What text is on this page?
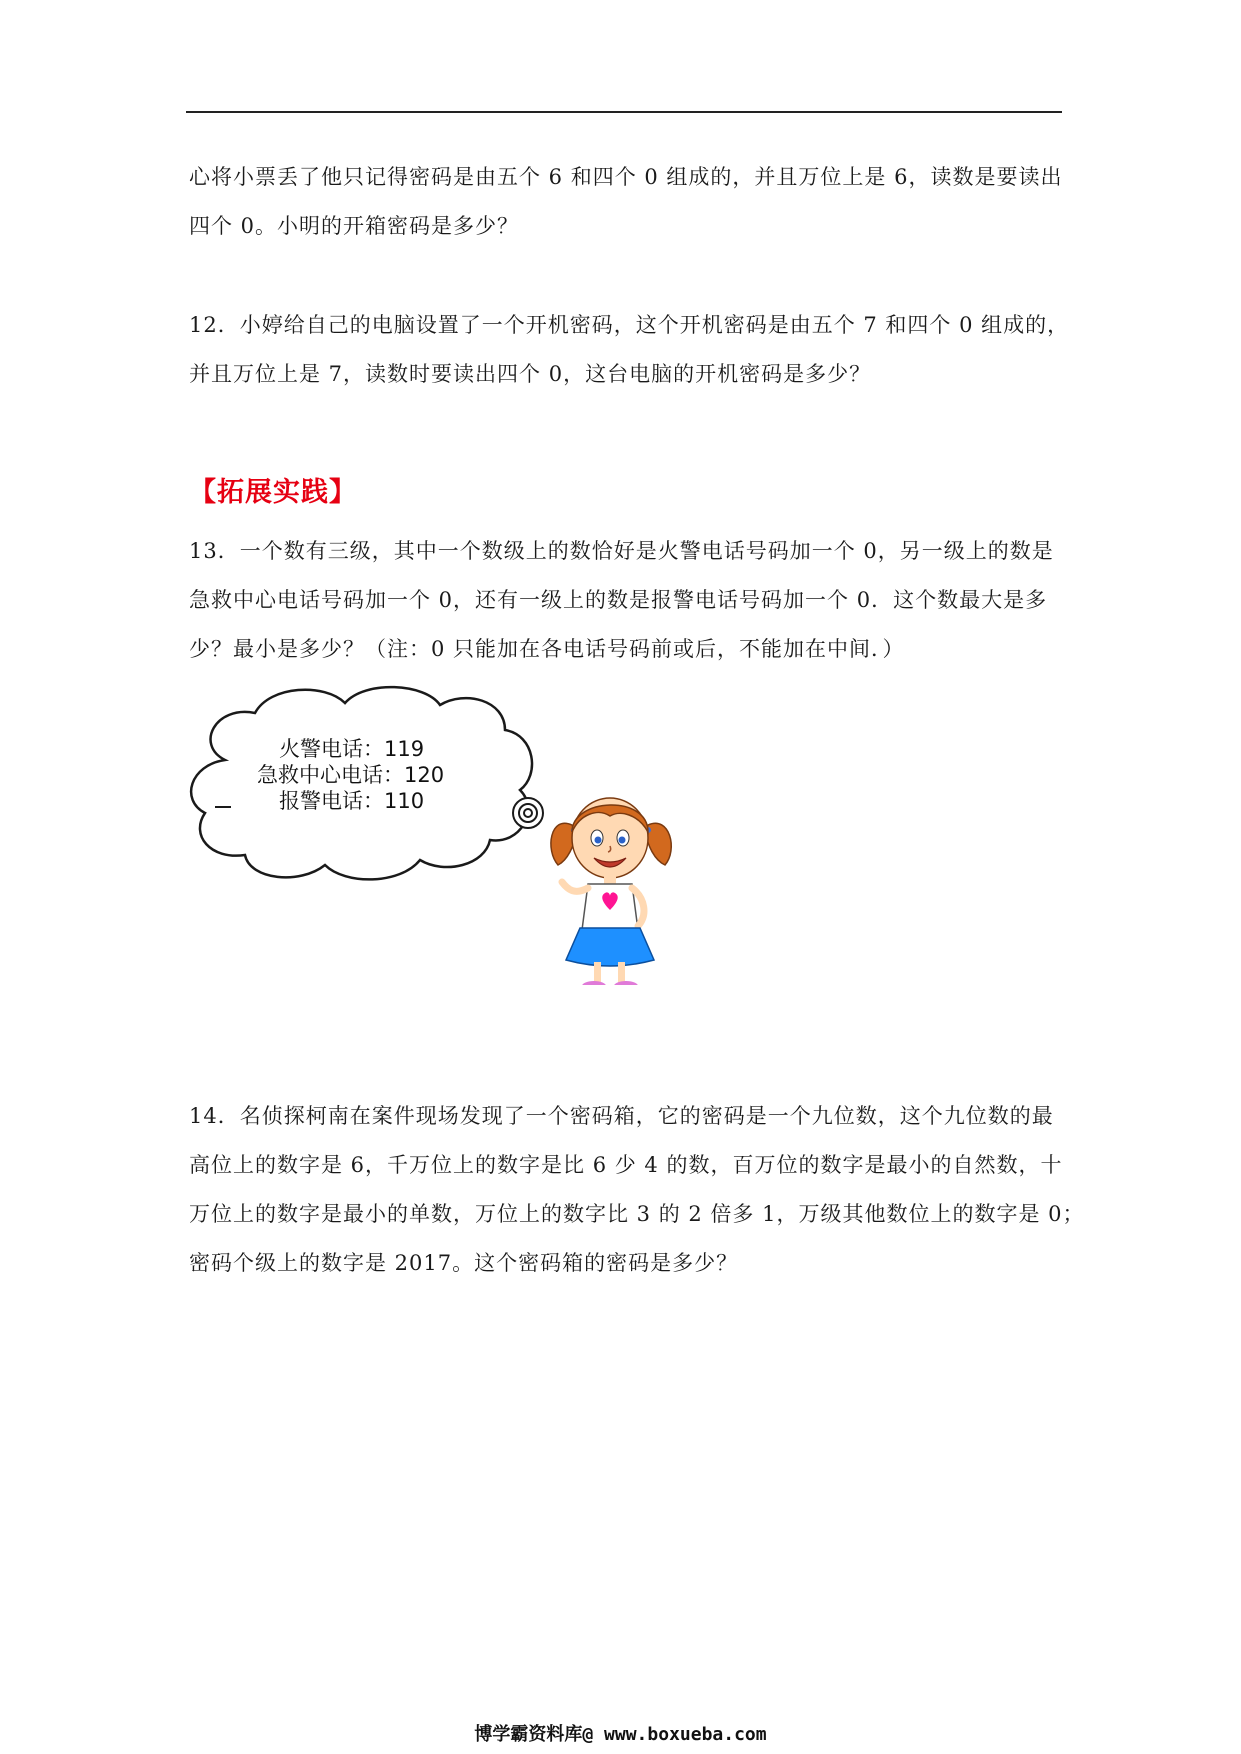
心将小票丢了他只记得密码是由五个 6 和四个 0 组成的，并且万位上是 6，读数是要读出
四个 0。小明的开箱密码是多少？

12．小婷给自己的电脑设置了一个开机密码，这个开机密码是由五个 7 和四个 0 组成的，
并且万位上是 7，读数时要读出四个 0，这台电脑的开机密码是多少？

【拓展实践】

13．一个数有三级，其中一个数级上的数恰好是火警电话号码加一个 0，另一级上的数是
急救中心电话号码加一个 0，还有一级上的数是报警电话号码加一个 0．这个数最大是多
少？最小是多少？（注：0 只能加在各电话号码前或后，不能加在中间．）

火警电话：119
急救中心电话：120
报警电话：110

14．名侦探柯南在案件现场发现了一个密码箱，它的密码是一个九位数，这个九位数的最
高位上的数字是 6，千万位上的数字是比 6 少 4 的数，百万位的数字是最小的自然数，十
万位上的数字是最小的单数，万位上的数字比 3 的 2 倍多 1，万级其他数位上的数字是 0；
密码个级上的数字是 2017。这个密码箱的密码是多少？

博学霸资料库@ www.boxueba.com
